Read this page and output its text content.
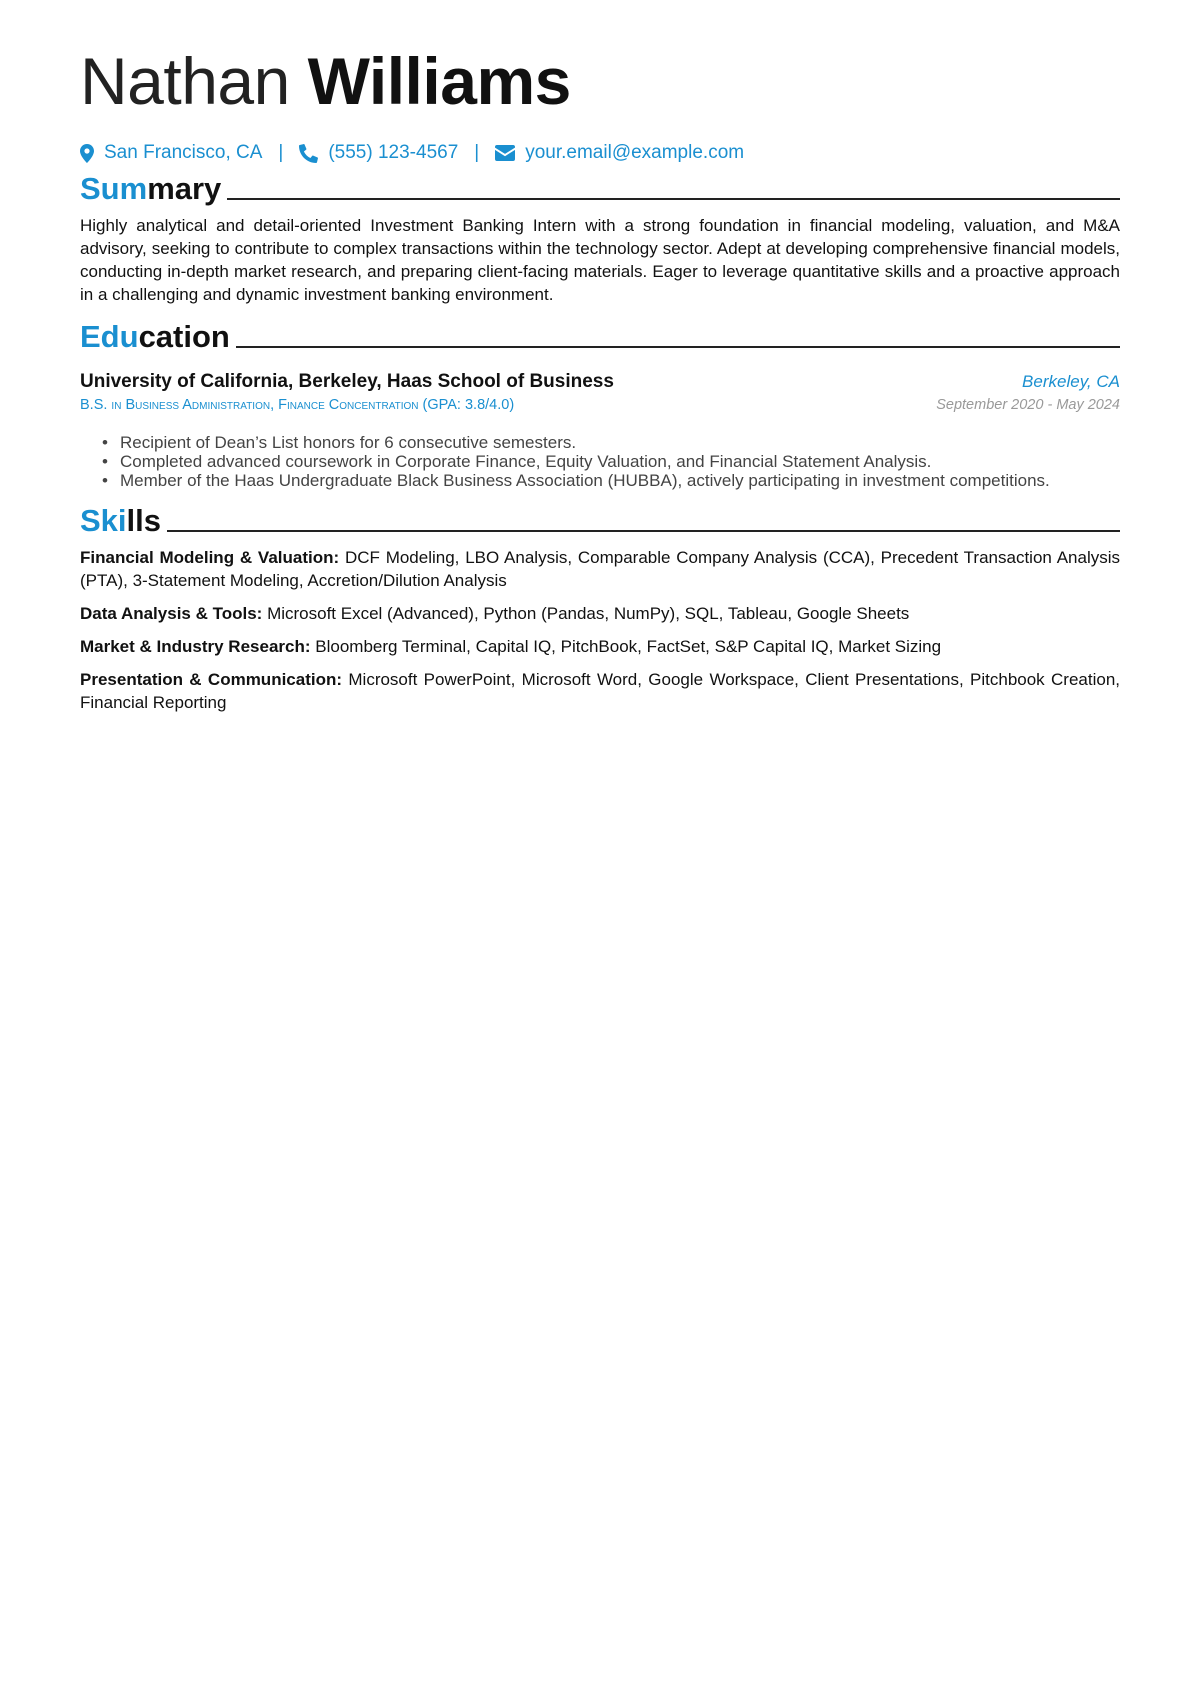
Nathan Williams
San Francisco, CA | (555) 123-4567 | your.email@example.com
Sum mary
Highly analytical and detail-oriented Investment Banking Intern with a strong foundation in financial modeling, valuation, and M&A advisory, seeking to contribute to complex transactions within the technology sector. Adept at developing comprehensive financial models, conducting in-depth market research, and preparing client-facing materials. Eager to leverage quantitative skills and a proactive approach in a challenging and dynamic investment banking environment.
Edu cation
University of California, Berkeley, Haas School of Business	Berkeley, CA
B.S. in Business Administration, Finance Concentration (GPA: 3.8/4.0)	September 2020 - May 2024
• Recipient of Dean’s List honors for 6 consecutive semesters.
• Completed advanced coursework in Corporate Finance, Equity Valuation, and Financial Statement Analysis.
• Member of the Haas Undergraduate Black Business Association (HUBBA), actively participating in investment competitions.
Ski lls
Financial Modeling & Valuation: DCF Modeling, LBO Analysis, Comparable Company Analysis (CCA), Precedent Transaction Analysis (PTA), 3-Statement Modeling, Accretion/Dilution Analysis
Data Analysis & Tools: Microsoft Excel (Advanced), Python (Pandas, NumPy), SQL, Tableau, Google Sheets
Market & Industry Research: Bloomberg Terminal, Capital IQ, PitchBook, FactSet, S&P Capital IQ, Market Sizing
Presentation & Communication: Microsoft PowerPoint, Microsoft Word, Google Workspace, Client Presentations, Pitchbook Creation, Financial Reporting
